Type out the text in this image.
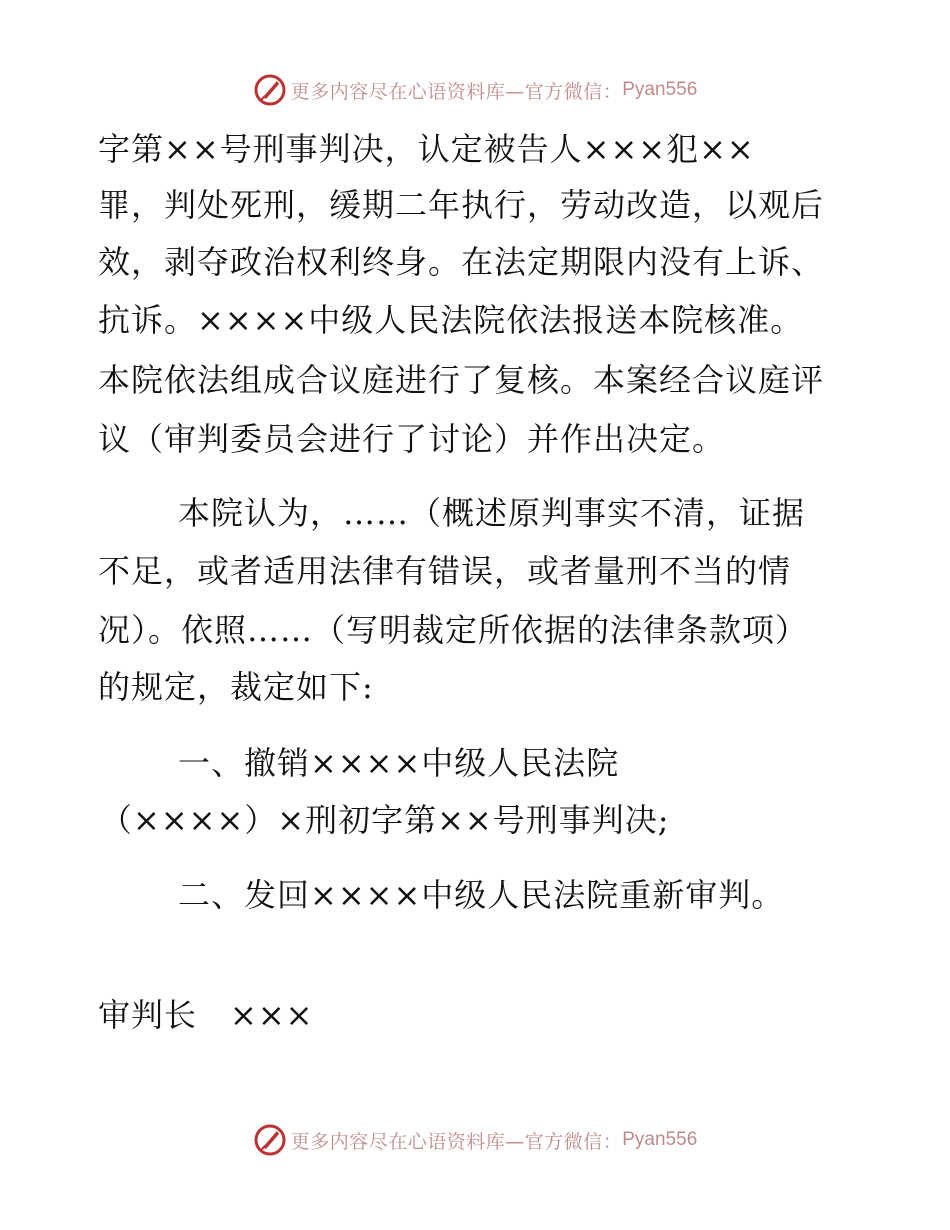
更多内容尽在心语资料库—官方微信： Pyan556
字第××号刑事判决，认定被告人×××犯××
罪，判处死刑，缓期二年执行，劳动改造，以观后
效，剥夺政治权利终身。在法定期限内没有上诉、
抗诉。××××中级人民法院依法报送本院核准。
本院依法组成合议庭进行了复核。本案经合议庭评
议（审判委员会进行了讨论）并作出决定。
本院认为，……（概述原判事实不清，证据
不足，或者适用法律有错误，或者量刑不当的情
况）。依照……（写明裁定所依据的法律条款项）
的规定，裁定如下:
一、撤销××××中级人民法院
（××××）×刑初字第××号刑事判决;
二、发回××××中级人民法院重新审判。
审判长　×××
更多内容尽在心语资料库—官方微信： Pyan556
